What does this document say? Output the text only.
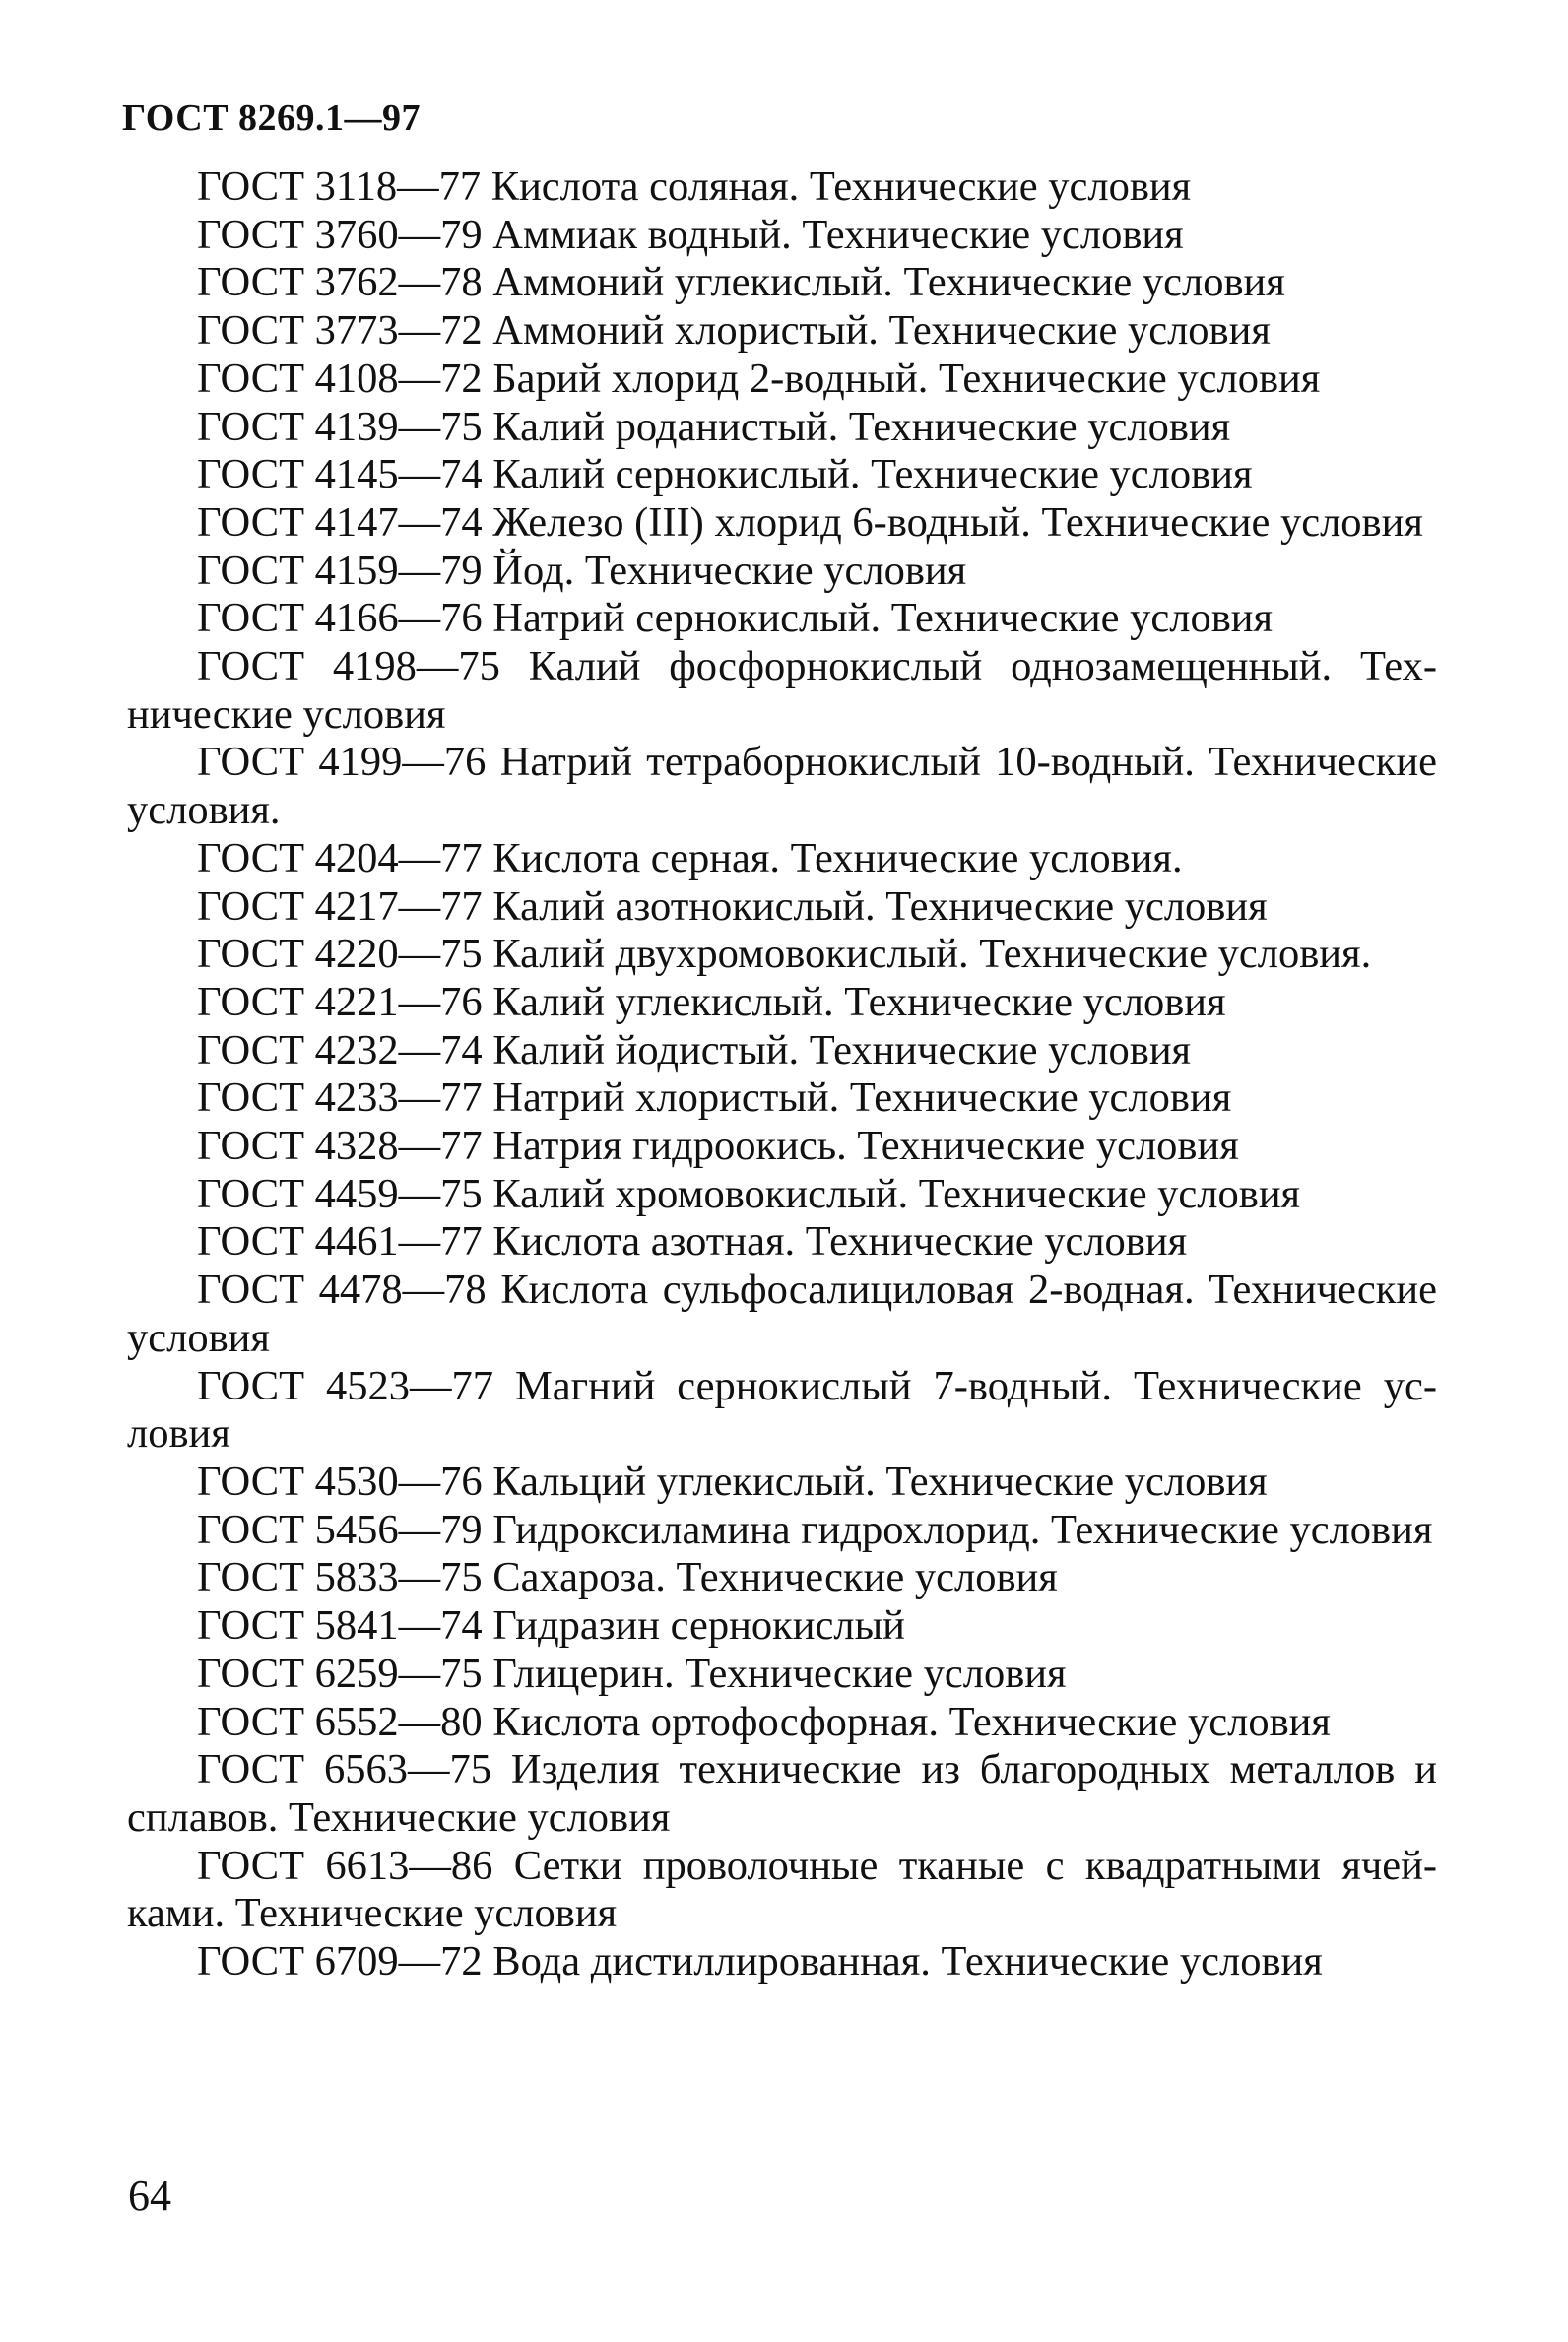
ГОСТ 8269.1—97

ГОСТ 3118—77 Кислота соляная. Технические условия

ГОСТ 3760—79 Аммиак водный. Технические условия

ГОСТ 3762—78 Аммоний углекислый. Технические условия

ГОСТ 3773—72 Аммоний хлористый. Технические условия

ГОСТ 4108—72 Барий хлорид 2-водный. Технические условия

ГОСТ 4139—75 Калий роданистый. Технические условия

ГОСТ 4145—74 Калий сернокислый. Технические условия

ГОСТ 4147—74 Железо (III) хлорид 6-водный. Технические условия

ГОСТ 4159—79 Йод. Технические условия

ГОСТ 4166—76 Натрий сернокислый. Технические условия

ГОСТ 4198—75 Калий фосфорнокислый однозамещенный. Технические условия

ГОСТ 4199—76 Натрий тетраборнокислый 10-водный. Технические условия.

ГОСТ 4204—77 Кислота серная. Технические условия.

ГОСТ 4217—77 Калий азотнокислый. Технические условия

ГОСТ 4220—75 Калий двухромовокислый. Технические условия.

ГОСТ 4221—76 Калий углекислый. Технические условия

ГОСТ 4232—74 Калий йодистый. Технические условия

ГОСТ 4233—77 Натрий хлористый. Технические условия

ГОСТ 4328—77 Натрия гидроокись. Технические условия

ГОСТ 4459—75 Калий хромовокислый. Технические условия

ГОСТ 4461—77 Кислота азотная. Технические условия

ГОСТ 4478—78 Кислота сульфосалициловая 2-водная. Технические условия

ГОСТ 4523—77 Магний сернокислый 7-водный. Технические условия

ГОСТ 4530—76 Кальций углекислый. Технические условия

ГОСТ 5456—79 Гидроксиламина гидрохлорид. Технические условия

ГОСТ 5833—75 Сахароза. Технические условия

ГОСТ 5841—74 Гидразин сернокислый

ГОСТ 6259—75 Глицерин. Технические условия

ГОСТ 6552—80 Кислота ортофосфорная. Технические условия

ГОСТ 6563—75 Изделия технические из благородных металлов и сплавов. Технические условия

ГОСТ 6613—86 Сетки проволочные тканые с квадратными ячейками. Технические условия

ГОСТ 6709—72 Вода дистиллированная. Технические условия

64
